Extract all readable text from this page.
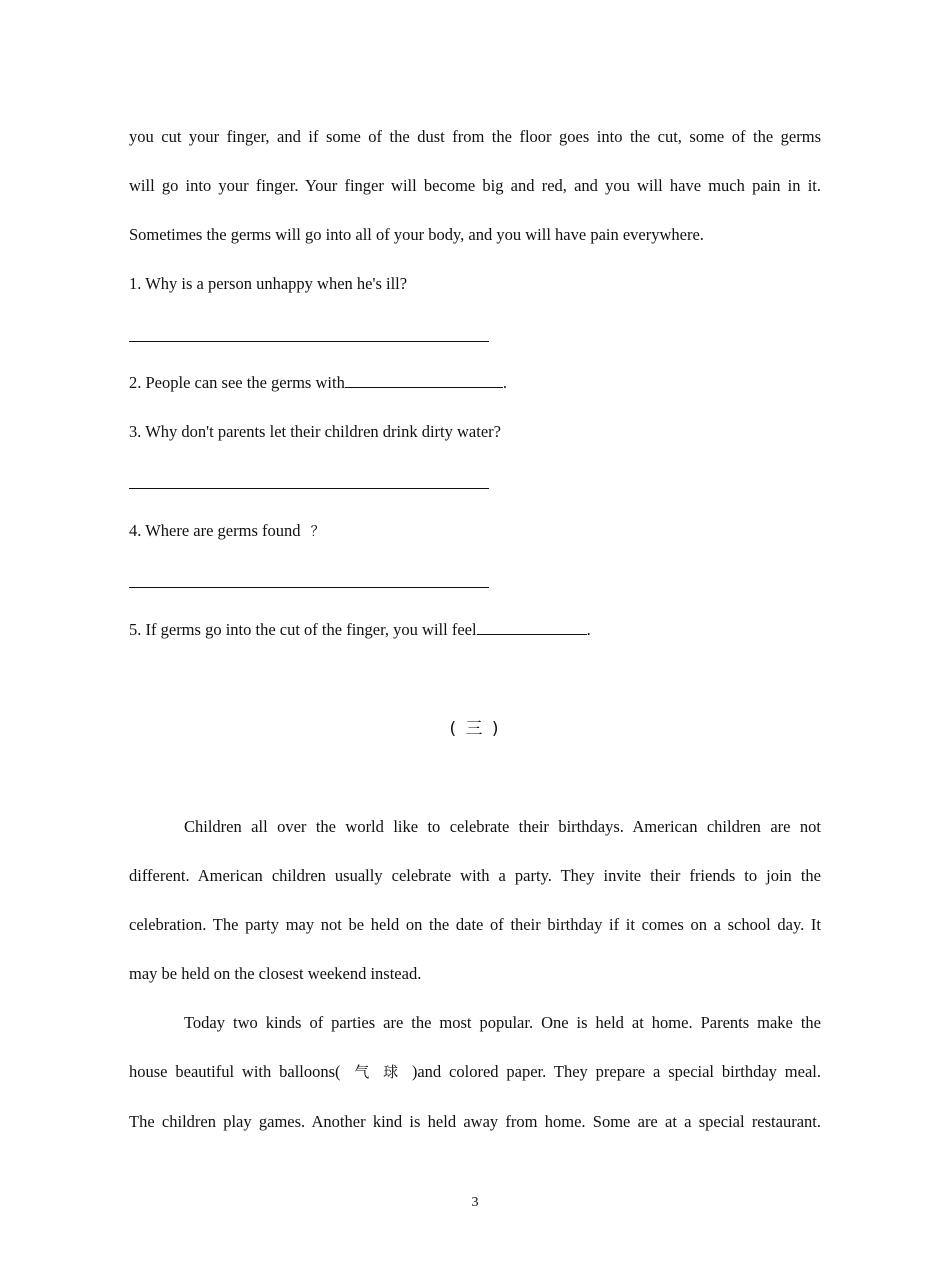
you cut your finger, and if some of the dust from the floor goes into the cut, some of the germs
will go into your finger. Your finger will become big and red, and you will have much pain in it.
Sometimes the germs will go into all of your body, and you will have pain everywhere.
1. Why is a person unhappy when he's ill?
2. People can see the germs with	.
3. Why don't parents let their children drink dirty water?
4. Where are germs found ？
5. If germs go into the cut of the finger, you will feel	.
( 三 )
Children all over the world like to celebrate their birthdays. American children are not
different. American children usually celebrate with a party. They invite their friends to join the
celebration. The party may not be held on the date of their birthday if it comes on a school day. It
may be held on the closest weekend instead.
Today two kinds of parties are the most popular. One is held at home. Parents make the
house beautiful with balloons( 气球)and colored paper. They prepare a special birthday meal.
The children play games. Another kind is held away from home. Some are at a special restaurant.
3
